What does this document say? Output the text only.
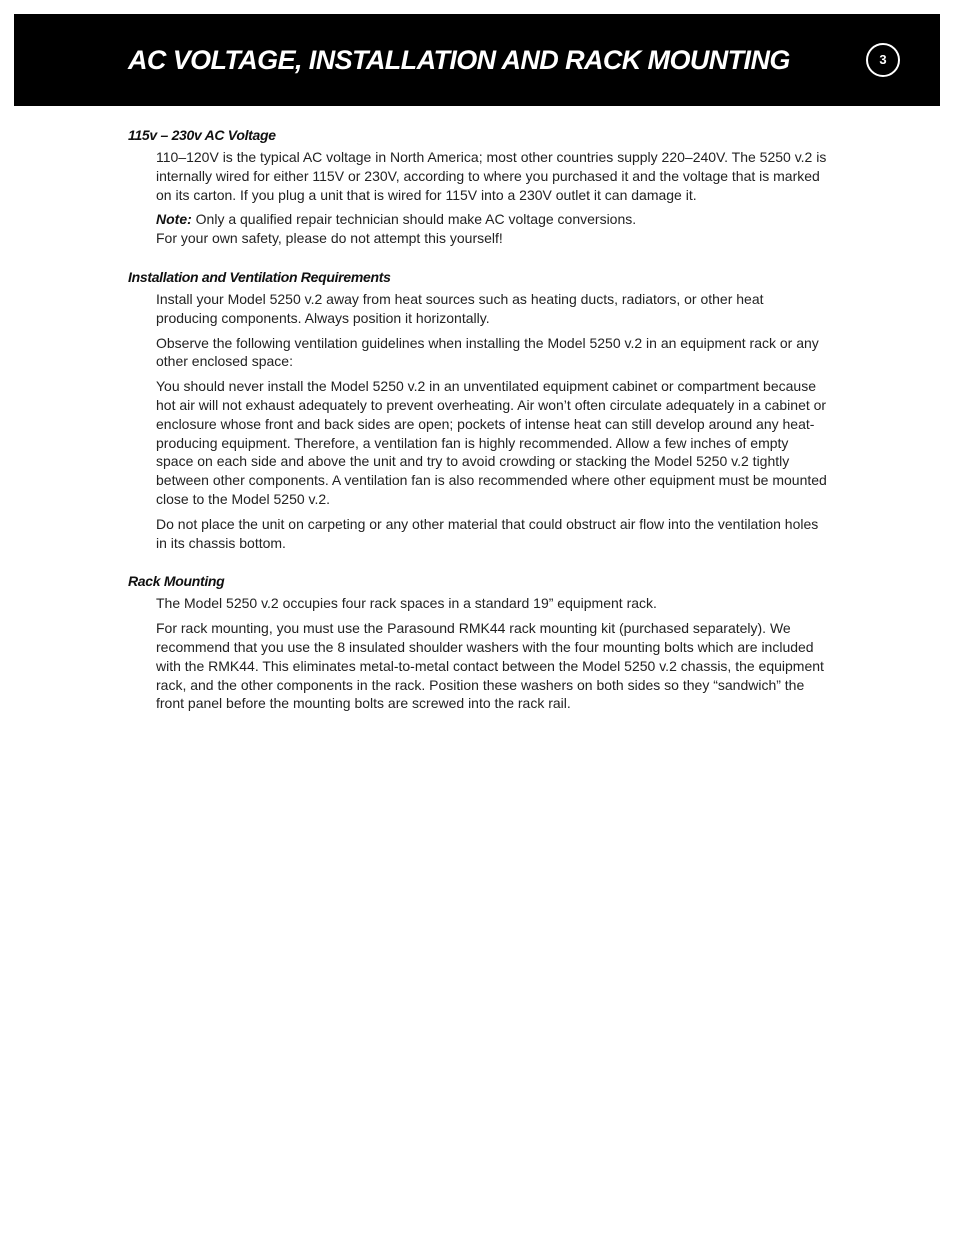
AC VOLTAGE, INSTALLATION AND RACK MOUNTING	3
115v – 230v AC Voltage

110–120V is the typical AC voltage in North America; most other countries supply 220–240V. The 5250 v.2 is internally wired for either 115V or 230V, according to where you purchased it and the voltage that is marked on its carton. If you plug a unit that is wired for 115V into a 230V outlet it can damage it.

Note: Only a qualified repair technician should make AC voltage conversions.
For your own safety, please do not attempt this yourself!

Installation and Ventilation Requirements

Install your Model 5250 v.2 away from heat sources such as heating ducts, radiators, or other heat producing components. Always position it horizontally.

Observe the following ventilation guidelines when installing the Model 5250 v.2 in an equipment rack or any other enclosed space:

You should never install the Model 5250 v.2 in an unventilated equipment cabinet or compartment because hot air will not exhaust adequately to prevent overheating. Air won’t often circulate adequately in a cabinet or enclosure whose front and back sides are open; pockets of intense heat can still develop around any heat-producing equipment. Therefore, a ventilation fan is highly recommended. Allow a few inches of empty space on each side and above the unit and try to avoid crowding or stacking the Model 5250 v.2 tightly between other components. A ventilation fan is also recommended where other equipment must be mounted close to the Model 5250 v.2.

Do not place the unit on carpeting or any other material that could obstruct air flow into the ventilation holes in its chassis bottom.

Rack Mounting

The Model 5250 v.2 occupies four rack spaces in a standard 19” equipment rack.

For rack mounting, you must use the Parasound RMK44 rack mounting kit (purchased separately). We recommend that you use the 8 insulated shoulder washers with the four mounting bolts which are included with the RMK44. This eliminates metal-to-metal contact between the Model 5250 v.2 chassis, the equipment rack, and the other components in the rack. Position these washers on both sides so they “sandwich” the front panel before the mounting bolts are screwed into the rack rail.
